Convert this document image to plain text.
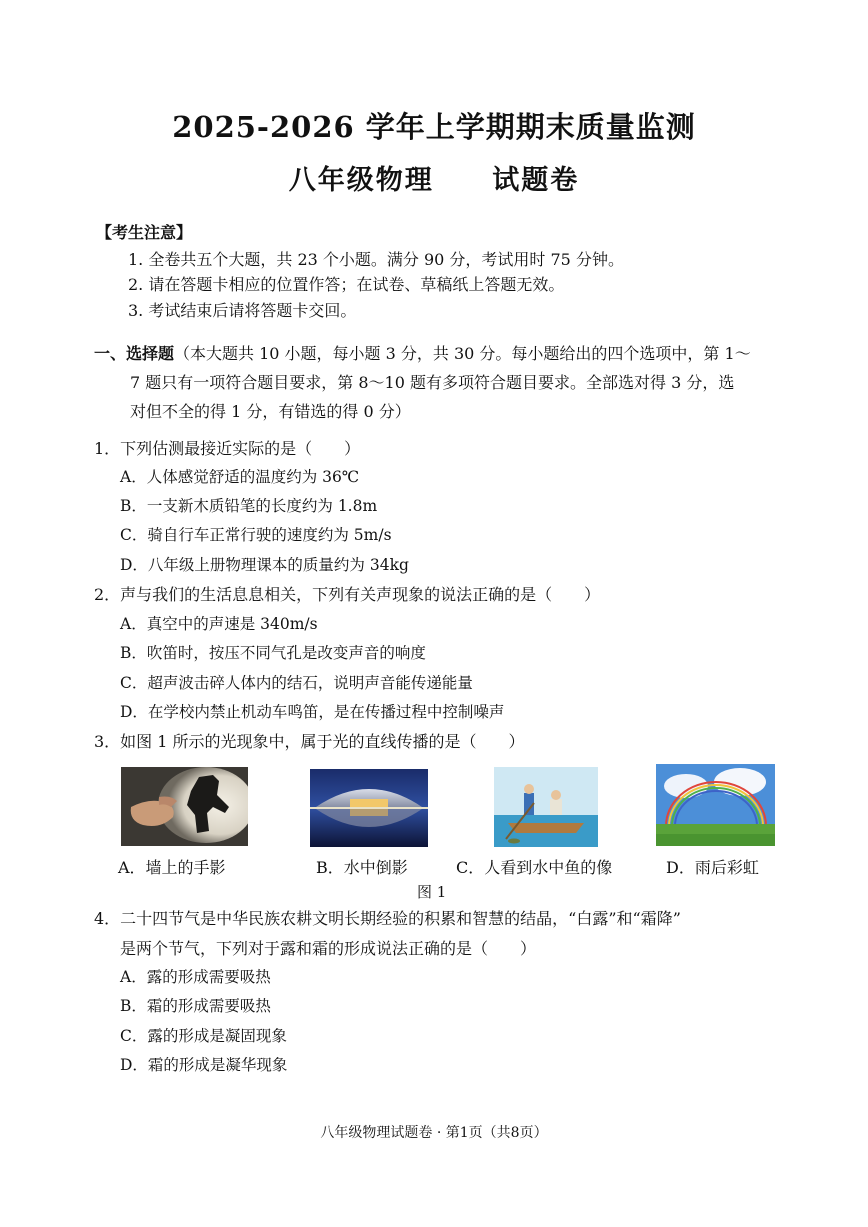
2025-2026 学年上学期期末质量监测
八年级物理　 试题卷
【考生注意】
1. 全卷共五个大题，共 23 个小题。满分 90 分，考试用时 75 分钟。
2. 请在答题卡相应的位置作答；在试卷、草稿纸上答题无效。
3. 考试结束后请将答题卡交回。
一、选择题（本大题共 10 小题，每小题 3 分，共 30 分。每小题给出的四个选项中，第 1～
7 题只有一项符合题目要求，第 8～10 题有多项符合题目要求。全部选对得 3 分，选
对但不全的得 1 分，有错选的得 0 分）
1．下列估测最接近实际的是（　　）
A．人体感觉舒适的温度约为 36℃
B．一支新木质铅笔的长度约为 1.8m
C．骑自行车正常行驶的速度约为 5m/s
D．八年级上册物理课本的质量约为 34kg
2．声与我们的生活息息相关，下列有关声现象的说法正确的是（　　）
A．真空中的声速是 340m/s
B．吹笛时，按压不同气孔是改变声音的响度
C．超声波击碎人体内的结石，说明声音能传递能量
D．在学校内禁止机动车鸣笛，是在传播过程中控制噪声
3．如图 1 所示的光现象中，属于光的直线传播的是（　　）
A．墙上的手影	B．水中倒影	C．人看到水中鱼的像	D．雨后彩虹
图 1
4．二十四节气是中华民族农耕文明长期经验的积累和智慧的结晶，“白露”和“霜降”
是两个节气，下列对于露和霜的形成说法正确的是（　　）
A．露的形成需要吸热
B．霜的形成需要吸热
C．露的形成是凝固现象
D．霜的形成是凝华现象
八年级物理试题卷 · 第1页（共8页）
